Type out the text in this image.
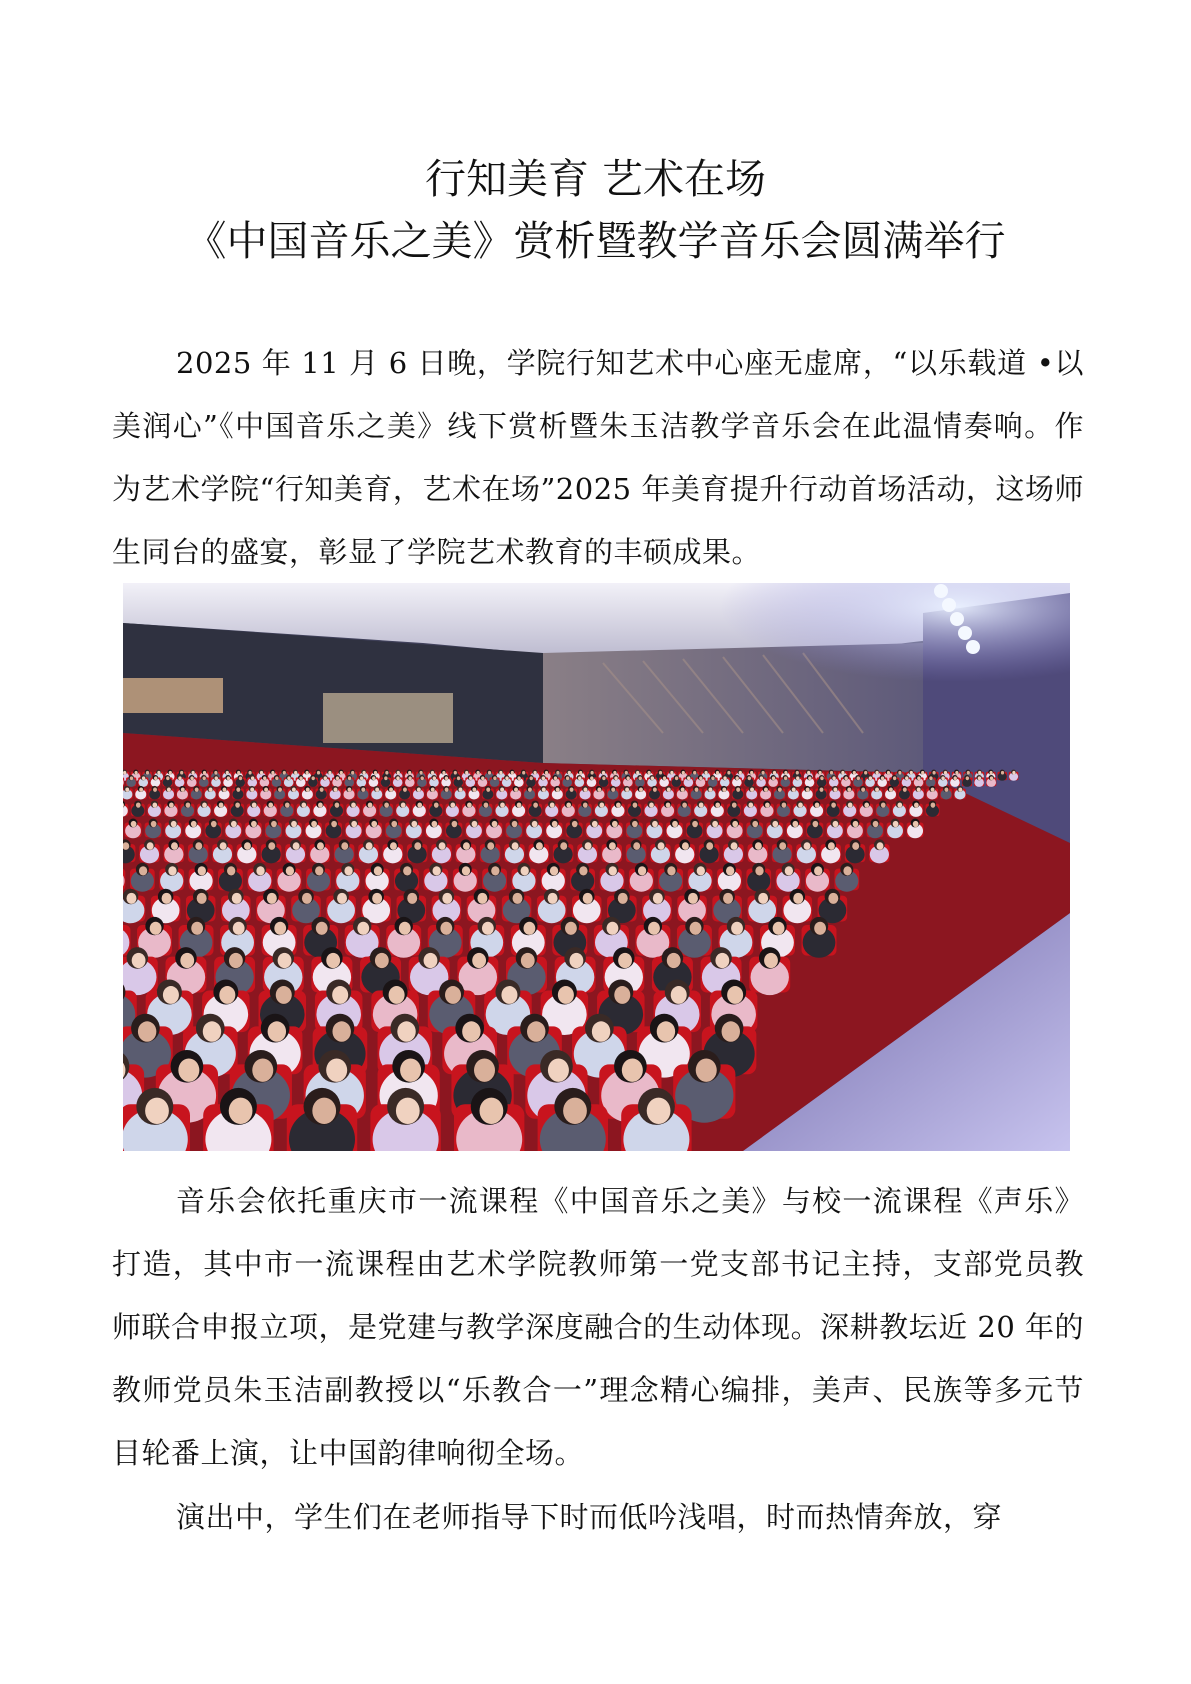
行知美育 艺术在场
《中国音乐之美》赏析暨教学音乐会圆满举行

2025 年 11 月 6 日晚，学院行知艺术中心座无虚席，“以乐载道 •以美润心”《中国音乐之美》线下赏析暨朱玉洁教学音乐会在此温情奏响。作为艺术学院“行知美育，艺术在场”2025 年美育提升行动首场活动，这场师生同台的盛宴，彰显了学院艺术教育的丰硕成果。

音乐会依托重庆市一流课程《中国音乐之美》与校一流课程《声乐》打造，其中市一流课程由艺术学院教师第一党支部书记主持，支部党员教师联合申报立项，是党建与教学深度融合的生动体现。深耕教坛近 20 年的教师党员朱玉洁副教授以“乐教合一”理念精心编排，美声、民族等多元节目轮番上演，让中国韵律响彻全场。

演出中，学生们在老师指导下时而低吟浅唱，时而热情奔放，穿
